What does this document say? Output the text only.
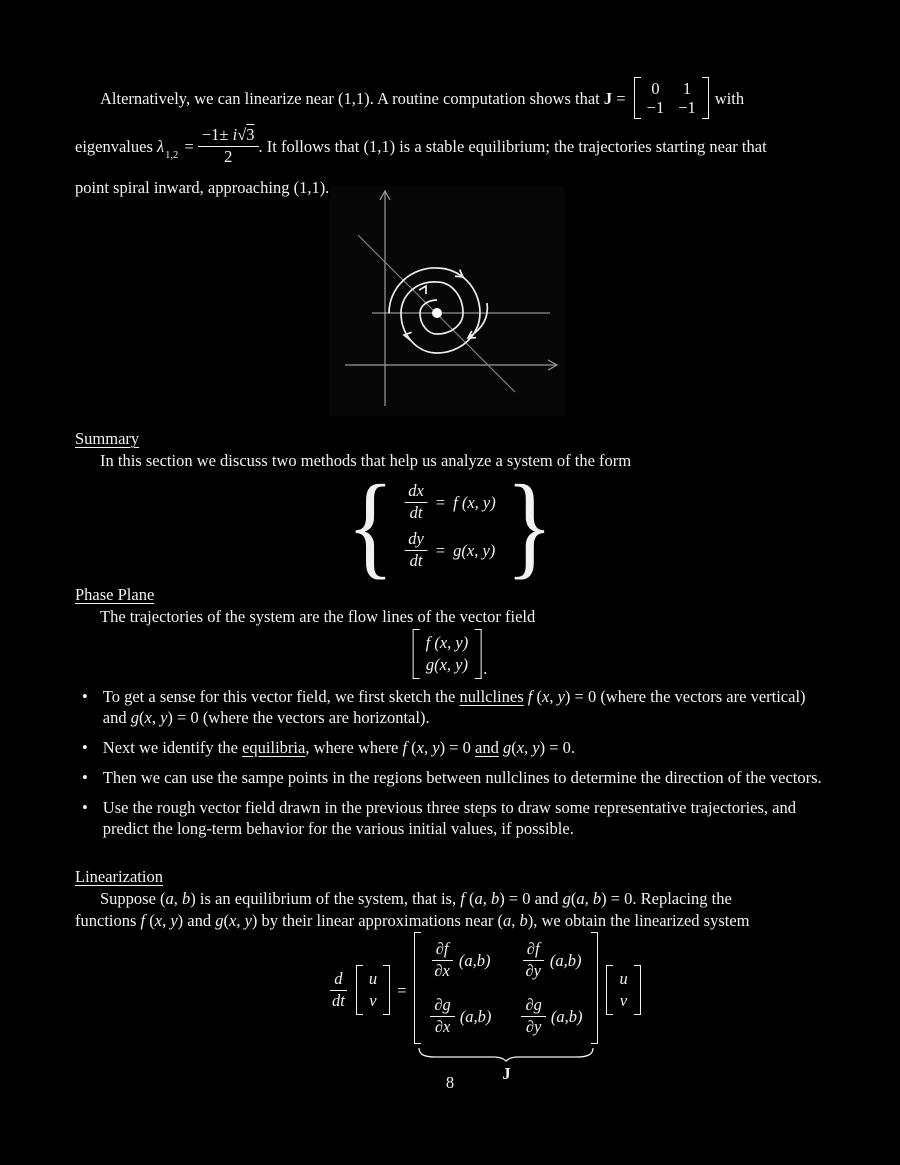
Alternatively, we can linearize near (1,1). A routine computation shows that J = 0 1
−1 −1 with
eigenvalues $\lambda_{1,2} = \frac{-1\pm i√3}{2}$ . It follows that (1,1) is a stable equilibrium; the trajectories starting near that
point spiral inward, approaching (1,1).
Summary
In this section we discuss two methods that help us analyze a system of the form
{ $\frac{dx}{dt} = f$ (x, y)
$\frac{dy}{dt} = g(x$, y) }
Phase Plane
The trajectories of the system are the flow lines of the vector field
f (x, y)
g(x, y) .
• To get a sense for this vector field, we first sketch the nullclines f (x, y) = 0 (where the vectors are vertical) and g(x, y) = 0 (where the vectors are horizontal).
• Next we identify the equilibria, where where f (x, y) = 0 and g(x, y) = 0.
• Then we can use the sampe points in the regions between nullclines to determine the direction of the vectors.
• Use the rough vector field drawn in the previous three steps to draw some representative trajectories, and predict the long-term behavior for the various initial values, if possible.
Linearization
Suppose (a, b) is an equilibrium of the system, that is, f (a, b) = 0 and g(a, b) = 0. Replacing the
functions f (x, y) and g(x, y) by their linear approximations near (a, b), we obtain the linearized system
$\frac{d}{dt}$ u
v
=
$\frac{\partial f}{\partial x} (a,b) \frac{\partial f}{\partial y} (a,b)$
$\frac{\partial g}{\partial x} (a,b) \frac{\partial g}{\partial y} (a,b)$
J
u
v
8
